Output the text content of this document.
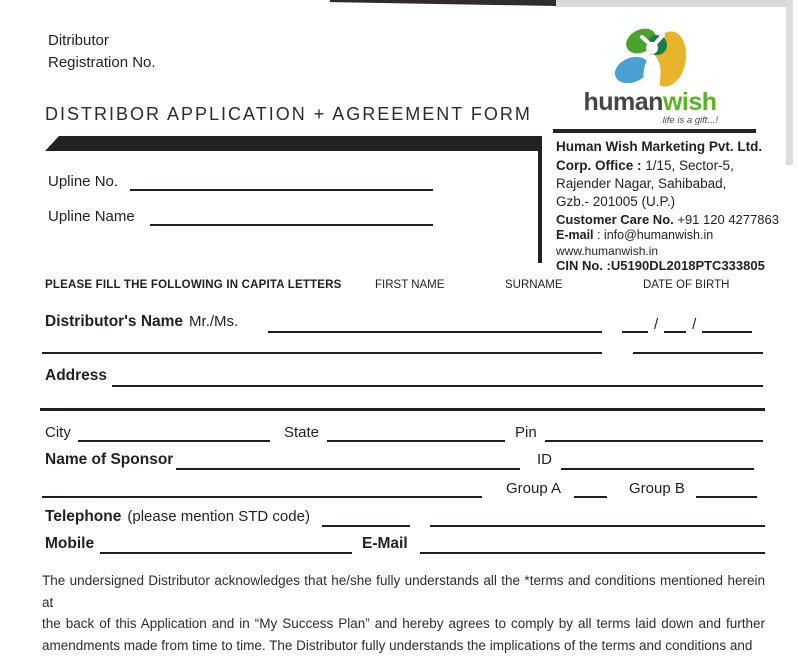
Ditributor
Registration No.
DISTRIBOR APPLICATION + AGREEMENT FORM humanwish
life is a gift...!
Human Wish Marketing Pvt. Ltd.
Corp. Office : 1/15, Sector-5,
Rajender Nagar, Sahibabad,
Gzb.- 201005 (U.P.)
Customer Care No. +91 120 4277863
E-mail : info@humanwish.in
www.humanwish.in
CIN No. :U5190DL2018PTC333805
Upline No.
Upline Name
PLEASE FILL THE FOLLOWING IN CAPITA LETTERS	FIRST NAME	SURNAME	DATE OF BIRTH
Distributor's Name Mr./Ms.	/ /
Address
City	State	Pin
Name of Sponsor	ID
Group A	Group B
Telephone (please mention STD code)
Mobile	E-Mail
The undersigned Distributor acknowledges that he/she fully understands all the *terms and conditions mentioned herein at
the back of this Application and in “My Success Plan” and hereby agrees to comply by all terms laid down and further
amendments made from time to time. The Distributor fully understands the implications of the terms and conditions and
